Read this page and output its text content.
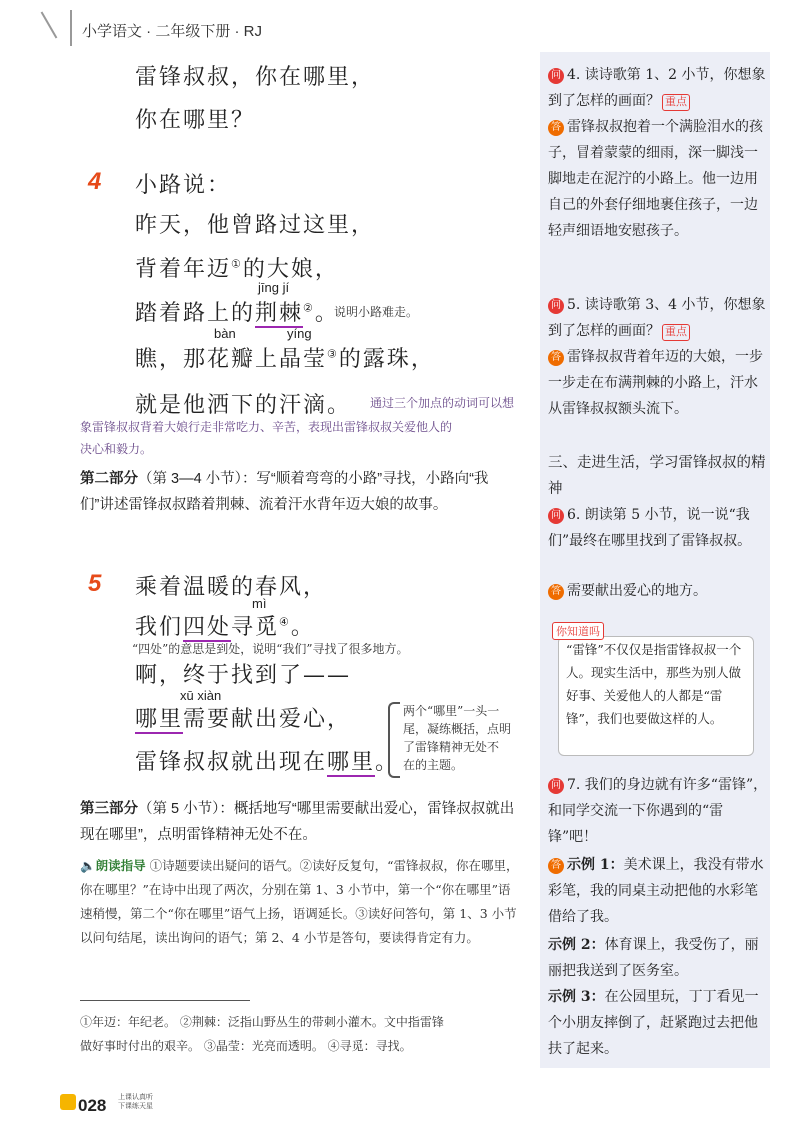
小学语文 · 二年级下册 · RJ
雷锋叔叔，你在哪里，
你在哪里？
4 小路说：
昨天，他曾路过这里，
背着年迈①的大娘，
jīng jí
踏着路上的荆棘②。
说明小路难走。
bàn	yíng
瞧，那花瓣上晶莹③的露珠，
就是他洒下的汗滴。 通过三个加点的动词可以想
象雷锋叔叔背着大娘行走非常吃力、辛苦，表现出雷锋叔叔关爱他人的
决心和毅力。
第二部分（第 3—4 小节）：写“顺着弯弯的小路”寻找，小路向“我们”讲述雷锋叔叔踏着荆棘、流着汗水背年迈大娘的故事。
5 乘着温暖的春风，
mì
我们四处寻觅④。
“四处”的意思是到处，说明“我们”寻找了很多地方。
啊，终于找到了——
xū xiàn
哪里需要献出爱心，
雷锋叔叔就出现在哪里。
两个“哪里”一头一
尾，凝练概括，点明
了雷锋精神无处不
在的主题。
第三部分（第 5 小节）：概括地写“哪里需要献出爱心，雷锋叔叔就出现在哪里”，点明雷锋精神无处不在。
🔈朗读指导 ①诗题要读出疑问的语气。②读好反复句，“雷锋叔叔，你在哪里，你在哪里？”在诗中出现了两次，分别在第 1、3 小节中，第一个“你在哪里”语速稍慢，第二个“你在哪里”语气上扬，语调延长。③读好问答句，第 1、3 小节以问句结尾，读出询问的语气；第 2、4 小节是答句，要读得肯定有力。
①年迈：年纪老。 ②荆棘：泛指山野丛生的带刺小灌木。文中指雷锋
做好事时付出的艰辛。 ③晶莹：光亮而透明。 ④寻觅：寻找。
028 上课认真听
下课练天星
问 4. 读诗歌第 1、2 小节，你想象到了怎样的画面？ 重点
答 雷锋叔叔抱着一个满脸泪水的孩子，冒着蒙蒙的细雨，深一脚浅一脚地走在泥泞的小路上。他一边用自己的外套仔细地裹住孩子，一边轻声细语地安慰孩子。
问 5. 读诗歌第 3、4 小节，你想象到了怎样的画面？ 重点
答 雷锋叔叔背着年迈的大娘，一步一步走在布满荆棘的小路上，汗水从雷锋叔叔额头流下。
三、走进生活，学习雷锋叔叔的精神
问 6. 朗读第 5 小节，说一说“我们”最终在哪里找到了雷锋叔叔。
答 需要献出爱心的地方。
你知道吗
“雷锋”不仅仅是指雷锋叔叔一个人。现实生活中，那些为别人做好事、关爱他人的人都是“雷锋”，我们也要做这样的人。
问 7. 我们的身边就有许多“雷锋”，和同学交流一下你遇到的“雷锋”吧！
答 示例 1：美术课上，我没有带水彩笔，我的同桌主动把他的水彩笔借给了我。
示例 2：体育课上，我受伤了，丽丽把我送到了医务室。
示例 3：在公园里玩，丁丁看见一个小朋友摔倒了，赶紧跑过去把他扶了起来。
